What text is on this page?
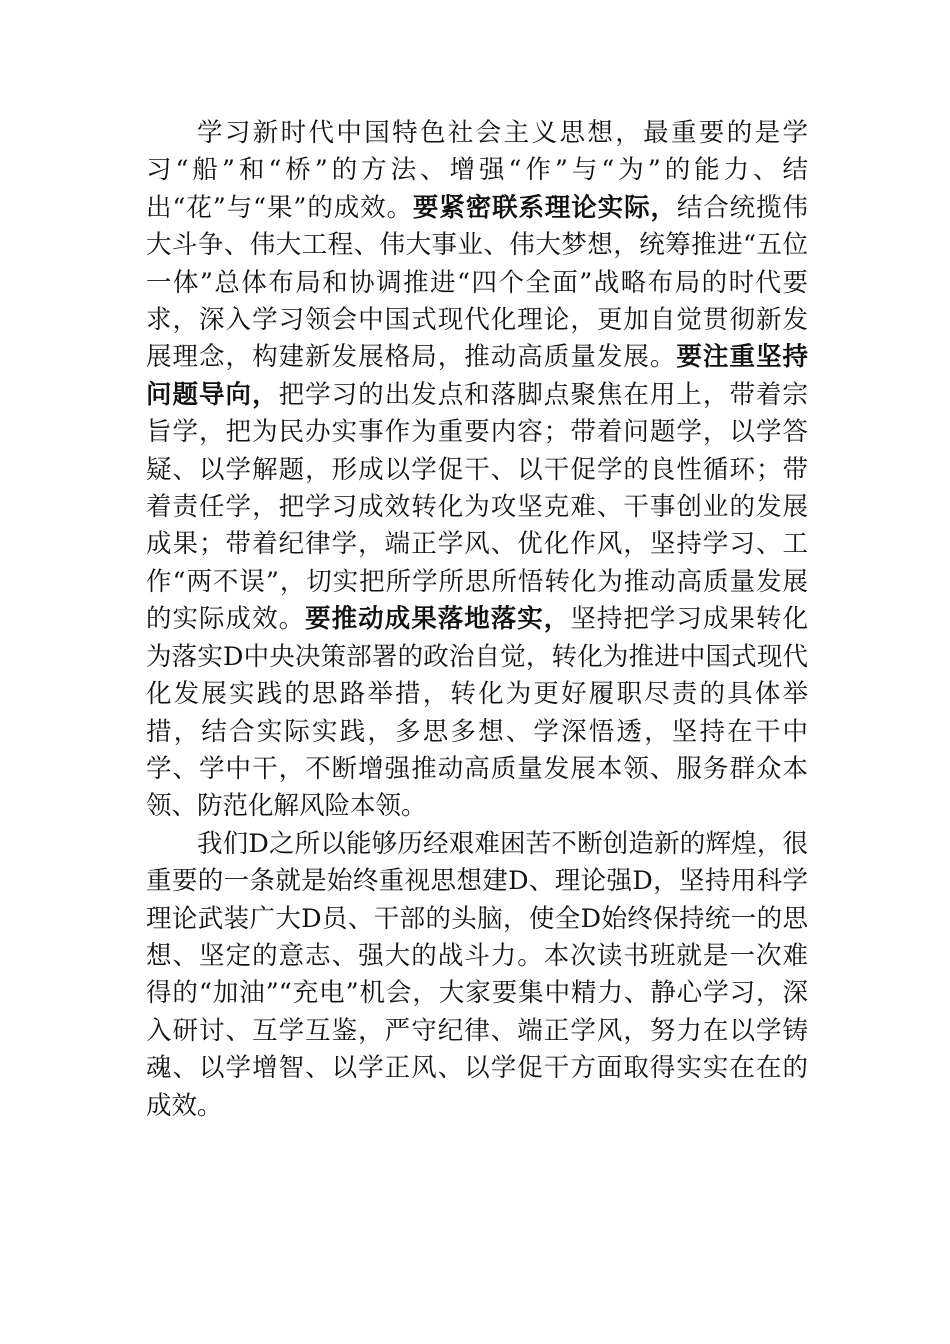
学习新时代中国特色社会主义思想，最重要的是学习“船”和“桥”的方法、增强“作”与“为”的能力、结出“花”与“果”的成效。要紧密联系理论实际，结合统揽伟大斗争、伟大工程、伟大事业、伟大梦想，统筹推进“五位一体”总体布局和协调推进“四个全面”战略布局的时代要求，深入学习领会中国式现代化理论，更加自觉贯彻新发展理念，构建新发展格局，推动高质量发展。要注重坚持问题导向，把学习的出发点和落脚点聚焦在用上，带着宗旨学，把为民办实事作为重要内容；带着问题学，以学答疑、以学解题，形成以学促干、以干促学的良性循环；带着责任学，把学习成效转化为攻坚克难、干事创业的发展成果；带着纪律学，端正学风、优化作风，坚持学习、工作“两不误”，切实把所学所思所悟转化为推动高质量发展的实际成效。要推动成果落地落实，坚持把学习成果转化为落实D中央决策部署的政治自觉，转化为推进中国式现代化发展实践的思路举措，转化为更好履职尽责的具体举措，结合实际实践，多思多想、学深悟透，坚持在干中学、学中干，不断增强推动高质量发展本领、服务群众本领、防范化解风险本领。

我们D之所以能够历经艰难困苦不断创造新的辉煌，很重要的一条就是始终重视思想建D、理论强D，坚持用科学理论武装广大D员、干部的头脑，使全D始终保持统一的思想、坚定的意志、强大的战斗力。本次读书班就是一次难得的“加油”“充电”机会，大家要集中精力、静心学习，深入研讨、互学互鉴，严守纪律、端正学风，努力在以学铸魂、以学增智、以学正风、以学促干方面取得实实在在的成效。
